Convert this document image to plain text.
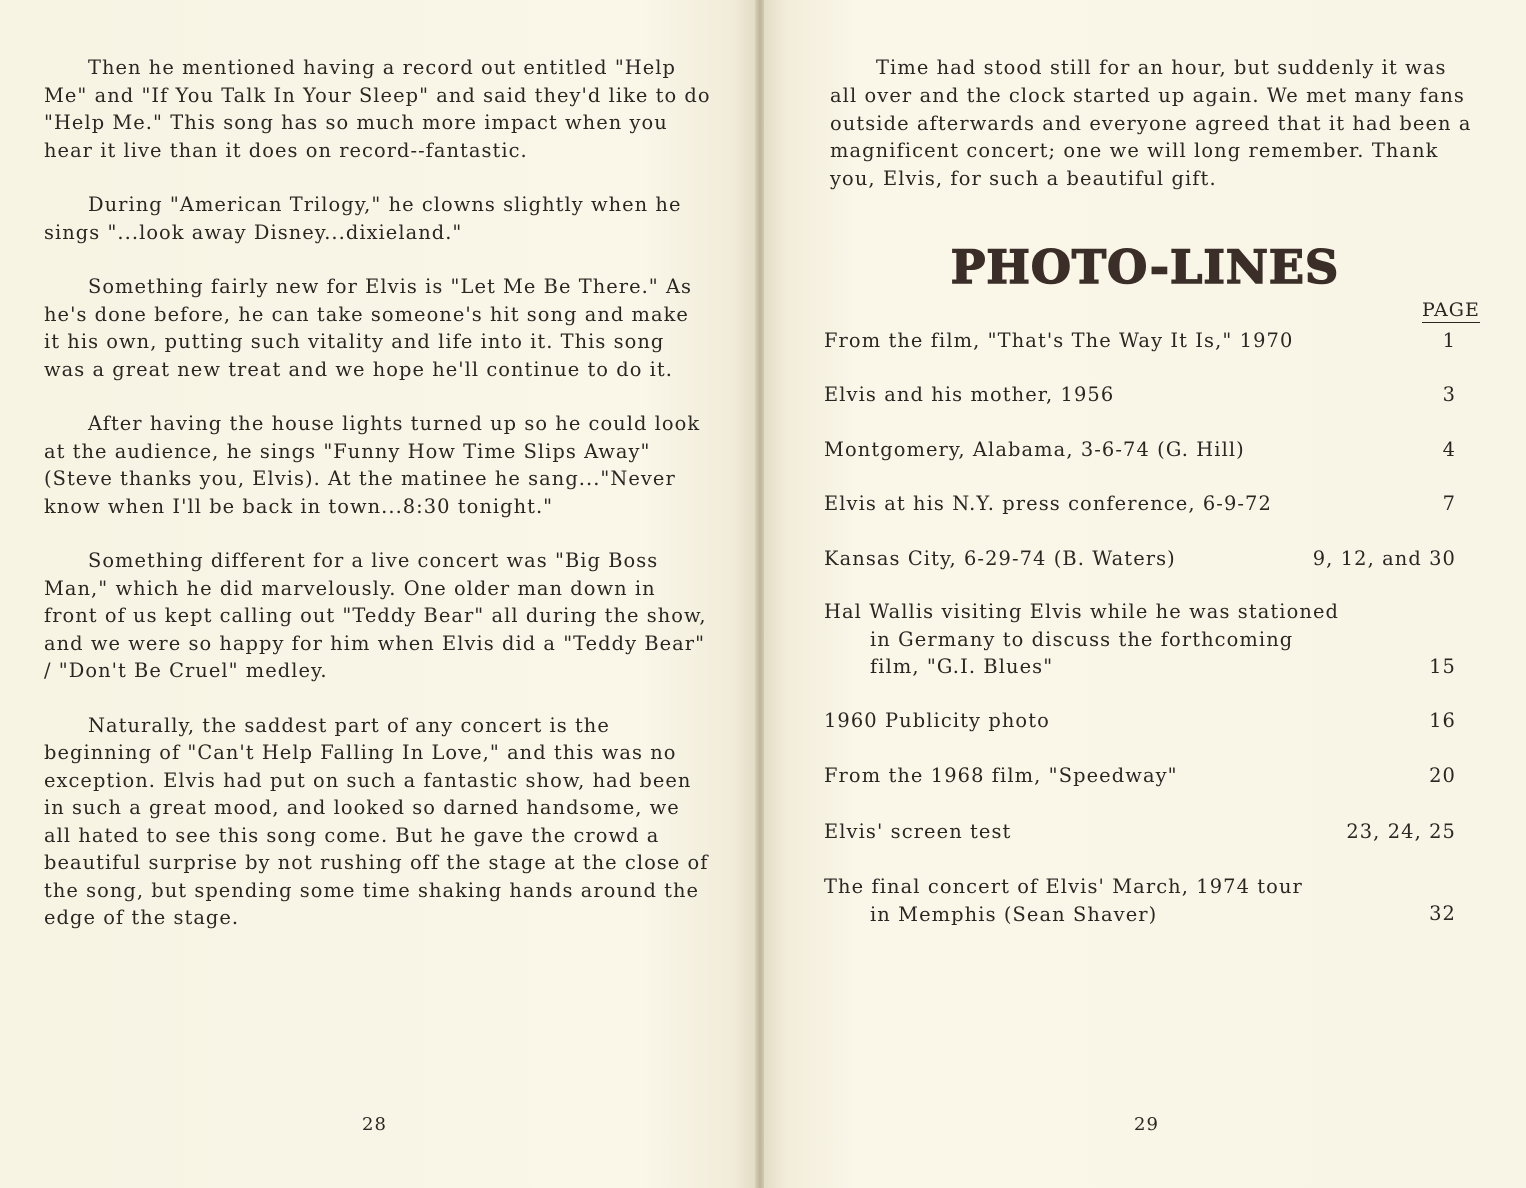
Then he mentioned having a record out entitled "Help Me" and "If You Talk In Your Sleep" and said they'd like to do "Help Me." This song has so much more impact when you hear it live than it does on record--fantastic.

During "American Trilogy," he clowns slightly when he sings "...look away Disney...dixieland."

Something fairly new for Elvis is "Let Me Be There." As he's done before, he can take someone's hit song and make it his own, putting such vitality and life into it. This song was a great new treat and we hope he'll continue to do it.

After having the house lights turned up so he could look at the audience, he sings "Funny How Time Slips Away" (Steve thanks you, Elvis). At the matinee he sang..."Never know when I'll be back in town...8:30 tonight."

Something different for a live concert was "Big Boss Man," which he did marvelously. One older man down in front of us kept calling out "Teddy Bear" all during the show, and we were so happy for him when Elvis did a "Teddy Bear" / "Don't Be Cruel" medley.

Naturally, the saddest part of any concert is the beginning of "Can't Help Falling In Love," and this was no exception. Elvis had put on such a fantastic show, had been in such a great mood, and looked so darned handsome, we all hated to see this song come. But he gave the crowd a beautiful surprise by not rushing off the stage at the close of the song, but spending some time shaking hands around the edge of the stage.

28

Time had stood still for an hour, but suddenly it was all over and the clock started up again. We met many fans outside afterwards and everyone agreed that it had been a magnificent concert; one we will long remember. Thank you, Elvis, for such a beautiful gift.

PHOTO-LINES
PAGE
From the film, "That's The Way It Is," 1970	1
Elvis and his mother, 1956	3
Montgomery, Alabama, 3-6-74 (G. Hill)	4
Elvis at his N.Y. press conference, 6-9-72	7
Kansas City, 6-29-74 (B. Waters)	9, 12, and 30
Hal Wallis visiting Elvis while he was stationed
in Germany to discuss the forthcoming
film, "G.I. Blues"	15
1960 Publicity photo	16
From the 1968 film, "Speedway"	20
Elvis' screen test	23, 24, 25
The final concert of Elvis' March, 1974 tour
in Memphis (Sean Shaver)	32
29
